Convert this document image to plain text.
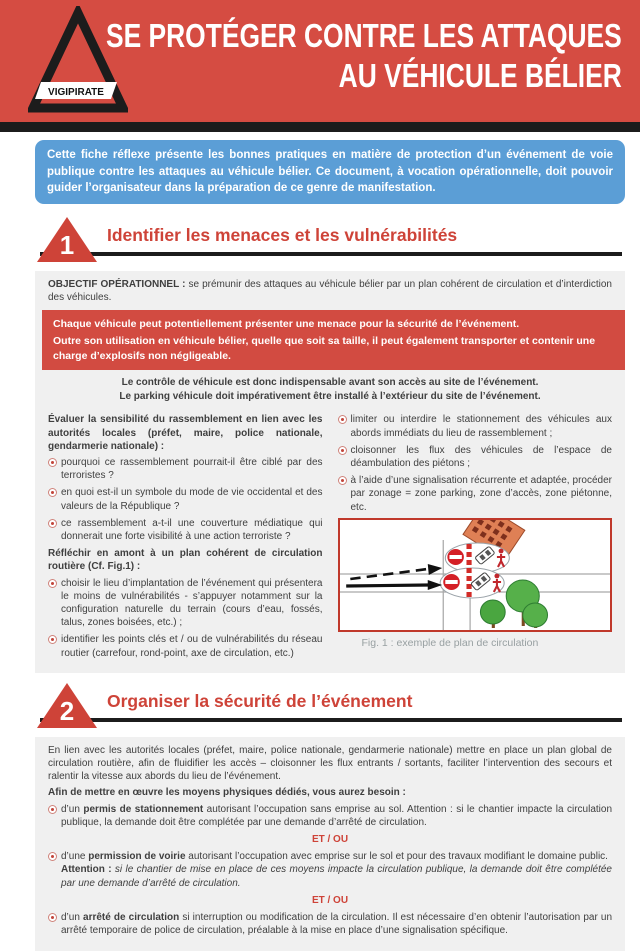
VIGIPIRATE
SE PROTÉGER CONTRE LES ATTAQUES
AU VÉHICULE BÉLIER
Cette fiche réflexe présente les bonnes pratiques en matière de protection d’un événement de voie publique contre les attaques au véhicule bélier. Ce document, à vocation opérationnelle, doit pouvoir guider l’organisateur dans la préparation de ce genre de manifestation.
1	Identifier les menaces et les vulnérabilités

OBJECTIF OPÉRATIONNEL : se prémunir des attaques au véhicule bélier par un plan cohérent de circulation et d’interdiction des véhicules.

Chaque véhicule peut potentiellement présenter une menace pour la sécurité de l’événement.

Outre son utilisation en véhicule bélier, quelle que soit sa taille, il peut également transporter et contenir une charge d’explosifs non négligeable.

Le contrôle de véhicule est donc indispensable avant son accès au site de l’événement.
Le parking véhicule doit impérativement être installé à l’extérieur du site de l’événement.
Évaluer la sensibilité du rassemblement en lien avec les autorités locales (préfet, maire, police nationale, gendarmerie nationale) :
pourquoi ce rassemblement pourrait-il être ciblé par des terroristes ?
en quoi est-il un symbole du mode de vie occidental et des valeurs de la République ?
ce rassemblement a-t-il une couverture médiatique qui donnerait une forte visibilité à une action terroriste ?
Réfléchir en amont à un plan cohérent de circulation routière (Cf. Fig.1) :
choisir le lieu d’implantation de l’événement qui présentera le moins de vulnérabilités - s’appuyer notamment sur la configuration naturelle du terrain (cours d’eau, fossés, talus, zones boisées, etc.) ;
identifier les points clés et / ou de vulnérabilités du réseau routier (carrefour, rond-point, axe de circulation, etc.)
limiter ou interdire le stationnement des véhicules aux abords immédiats du lieu de rassemblement ;
cloisonner les flux des véhicules de l’espace de déambulation des piétons ;
à l’aide d’une signalisation récurrente et adaptée, procéder par zonage = zone parking, zone d’accès, zone piétonne, etc.
Fig. 1 : exemple de plan de circulation
2	Organiser la sécurité de l’événement

En lien avec les autorités locales (préfet, maire, police nationale, gendarmerie nationale) mettre en place un plan global de circulation routière, afin de fluidifier les accès – cloisonner les flux entrants / sortants, faciliter l’intervention des secours et ralentir la vitesse aux abords du lieu de l’événement.

Afin de mettre en œuvre les moyens physiques dédiés, vous aurez besoin :
d’un permis de stationnement autorisant l’occupation sans emprise au sol. Attention : si le chantier impacte la circulation publique, la demande doit être complétée par une demande d’arrêté de circulation.
ET / OU
d’une permission de voirie autorisant l’occupation avec emprise sur le sol et pour des travaux modifiant le domaine public.
Attention : si le chantier de mise en place de ces moyens impacte la circulation publique, la demande doit être complétée par une demande d’arrêté de circulation.
ET / OU
d’un arrêté de circulation si interruption ou modification de la circulation. Il est nécessaire d’en obtenir l’autorisation par un arrêté temporaire de police de circulation, préalable à la mise en place d’une signalisation spécifique.
